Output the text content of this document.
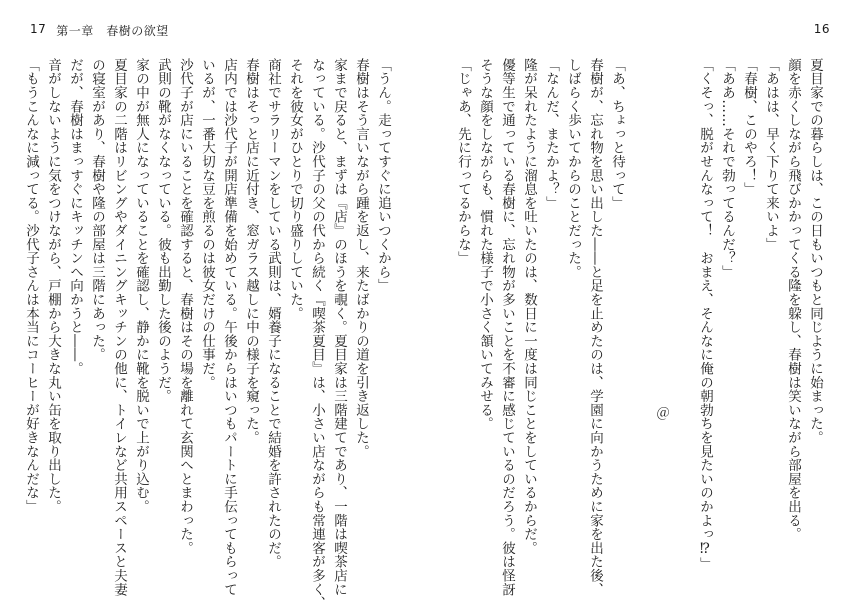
17 第一章　春樹の欲望	16
夏目家での暮らしは、この日もいつもと同じように始まった。
顔を赤くしながら飛びかかってくる隆を躱し、春樹は笑いながら部屋を出る。
「あはは、早く下りて来いよ」
「春樹、このやろ！」
「ああ……それで勃ってるんだ？」
「くそっ、脱がせんなって！　おまえ、そんなに俺の朝勃ちを見たいのかよっ⁉」

＠

「あ、ちょっと待って」
春樹が、忘れ物を思い出した――と足を止めたのは、学園に向かうために家を出た後、
しばらく歩いてからのことだった。
「なんだ、またかよ？」
隆が呆れたように溜息を吐いたのは、数日に一度は同じことをしているからだ。
優等生で通っている春樹に、忘れ物が多いことを不審に感じているのだろう。彼は怪訝
そうな顔をしながらも、慣れた様子で小さく頷いてみせる。
「じゃあ、先に行ってるからな」
「うん。走ってすぐに追いつくから」
春樹はそう言いながら踵を返し、来たばかりの道を引き返した。
家まで戻ると、まずは『店』のほうを覗く。夏目家は三階建てであり、一階は喫茶店に
なっている。沙代子の父の代から続く『喫茶夏目』は、小さい店ながらも常連客が多く、
それを彼女がひとりで切り盛りしていた。
商社でサラリーマンをしている武則は、婿養子になることで結婚を許されたのだ。
春樹はそっと店に近付き、窓ガラス越しに中の様子を窺った。
店内では沙代子が開店準備を始めている。午後からはいつもパートに手伝ってもらって
いるが、一番大切な豆を煎るのは彼女だけの仕事だ。
沙代子が店にいることを確認すると、春樹はその場を離れて玄関へとまわった。
武則の靴がなくなっている。彼も出勤した後のようだ。
家の中が無人になっていることを確認し、静かに靴を脱いで上がり込む。
夏目家の二階はリビングやダイニングキッチンの他に、トイレなど共用スペースと夫妻
の寝室があり、春樹や隆の部屋は三階にあった。
だが、春樹はまっすぐにキッチンへ向かうと――。
音がしないように気をつけながら、戸棚から大きな丸い缶を取り出した。
「もうこんなに減ってる。沙代子さんは本当にコーヒーが好きなんだな」
